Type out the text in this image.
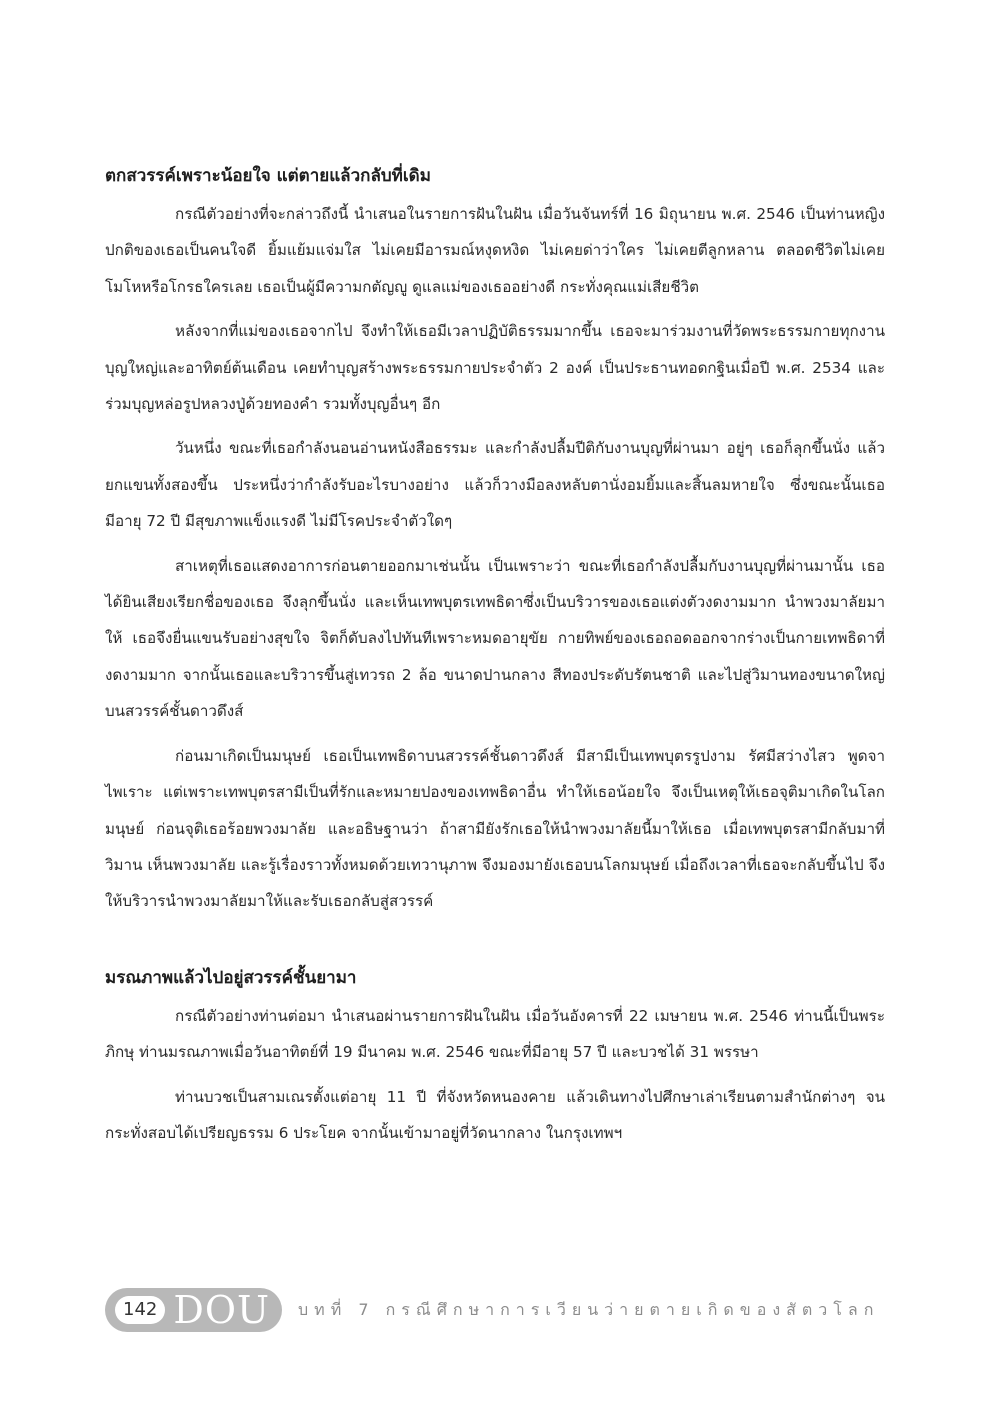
ตกสวรรค์เพราะน้อยใจ แต่ตายแล้วกลับที่เดิม

กรณีตัวอย่างที่จะกล่าวถึงนี้ นำเสนอในรายการฝันในฝัน เมื่อวันจันทร์ที่ 16 มิถุนายน พ.ศ. 2546 เป็นท่านหญิง ปกติของเธอเป็นคนใจดี ยิ้มแย้มแจ่มใส ไม่เคยมีอารมณ์หงุดหงิด ไม่เคยด่าว่าใคร ไม่เคยตีลูกหลาน ตลอดชีวิตไม่เคยโมโหหรือโกรธใครเลย เธอเป็นผู้มีความกตัญญู ดูแลแม่ของเธออย่างดี กระทั่งคุณแม่เสียชีวิต

หลังจากที่แม่ของเธอจากไป จึงทำให้เธอมีเวลาปฏิบัติธรรมมากขึ้น เธอจะมาร่วมงานที่วัดพระธรรมกายทุกงานบุญใหญ่และอาทิตย์ต้นเดือน เคยทำบุญสร้างพระธรรมกายประจำตัว 2 องค์ เป็นประธานทอดกฐินเมื่อปี พ.ศ. 2534 และร่วมบุญหล่อรูปหลวงปู่ด้วยทองคำ รวมทั้งบุญอื่นๆ อีก

วันหนึ่ง ขณะที่เธอกำลังนอนอ่านหนังสือธรรมะ และกำลังปลื้มปีติกับงานบุญที่ผ่านมา อยู่ๆ เธอก็ลุกขึ้นนั่ง แล้วยกแขนทั้งสองขึ้น ประหนึ่งว่ากำลังรับอะไรบางอย่าง แล้วก็วางมือลงหลับตานั่งอมยิ้มและสิ้นลมหายใจ ซึ่งขณะนั้นเธอมีอายุ 72 ปี มีสุขภาพแข็งแรงดี ไม่มีโรคประจำตัวใดๆ

สาเหตุที่เธอแสดงอาการก่อนตายออกมาเช่นนั้น เป็นเพราะว่า ขณะที่เธอกำลังปลื้มกับงานบุญที่ผ่านมานั้น เธอได้ยินเสียงเรียกชื่อของเธอ จึงลุกขึ้นนั่ง และเห็นเทพบุตรเทพธิดาซึ่งเป็นบริวารของเธอแต่งตัวงดงามมาก นำพวงมาลัยมาให้ เธอจึงยื่นแขนรับอย่างสุขใจ จิตก็ดับลงไปทันทีเพราะหมดอายุขัย กายทิพย์ของเธอถอดออกจากร่างเป็นกายเทพธิดาที่งดงามมาก จากนั้นเธอและบริวารขึ้นสู่เทวรถ 2 ล้อ ขนาดปานกลาง สีทองประดับรัตนชาติ และไปสู่วิมานทองขนาดใหญ่ บนสวรรค์ชั้นดาวดึงส์

ก่อนมาเกิดเป็นมนุษย์ เธอเป็นเทพธิดาบนสวรรค์ชั้นดาวดึงส์ มีสามีเป็นเทพบุตรรูปงาม รัศมีสว่างไสว พูดจาไพเราะ แต่เพราะเทพบุตรสามีเป็นที่รักและหมายปองของเทพธิดาอื่น ทำให้เธอน้อยใจ จึงเป็นเหตุให้เธอจุติมาเกิดในโลกมนุษย์ ก่อนจุติเธอร้อยพวงมาลัย และอธิษฐานว่า ถ้าสามียังรักเธอให้นำพวงมาลัยนี้มาให้เธอ เมื่อเทพบุตรสามีกลับมาที่วิมาน เห็นพวงมาลัย และรู้เรื่องราวทั้งหมดด้วยเทวานุภาพ จึงมองมายังเธอบนโลกมนุษย์ เมื่อถึงเวลาที่เธอจะกลับขึ้นไป จึงให้บริวารนำพวงมาลัยมาให้และรับเธอกลับสู่สวรรค์

มรณภาพแล้วไปอยู่สวรรค์ชั้นยามา

กรณีตัวอย่างท่านต่อมา นำเสนอผ่านรายการฝันในฝัน เมื่อวันอังคารที่ 22 เมษายน พ.ศ. 2546 ท่านนี้เป็นพระภิกษุ ท่านมรณภาพเมื่อวันอาทิตย์ที่ 19 มีนาคม พ.ศ. 2546 ขณะที่มีอายุ 57 ปี และบวชได้ 31 พรรษา

ท่านบวชเป็นสามเณรตั้งแต่อายุ 11 ปี ที่จังหวัดหนองคาย แล้วเดินทางไปศึกษาเล่าเรียนตามสำนักต่างๆ จนกระทั่งสอบได้เปรียญธรรม 6 ประโยค จากนั้นเข้ามาอยู่ที่วัดนากลาง ในกรุงเทพฯ

142 DOU บทที่ 7 กรณีศึกษาการเวียนว่ายตายเกิดของสัตวโลก
